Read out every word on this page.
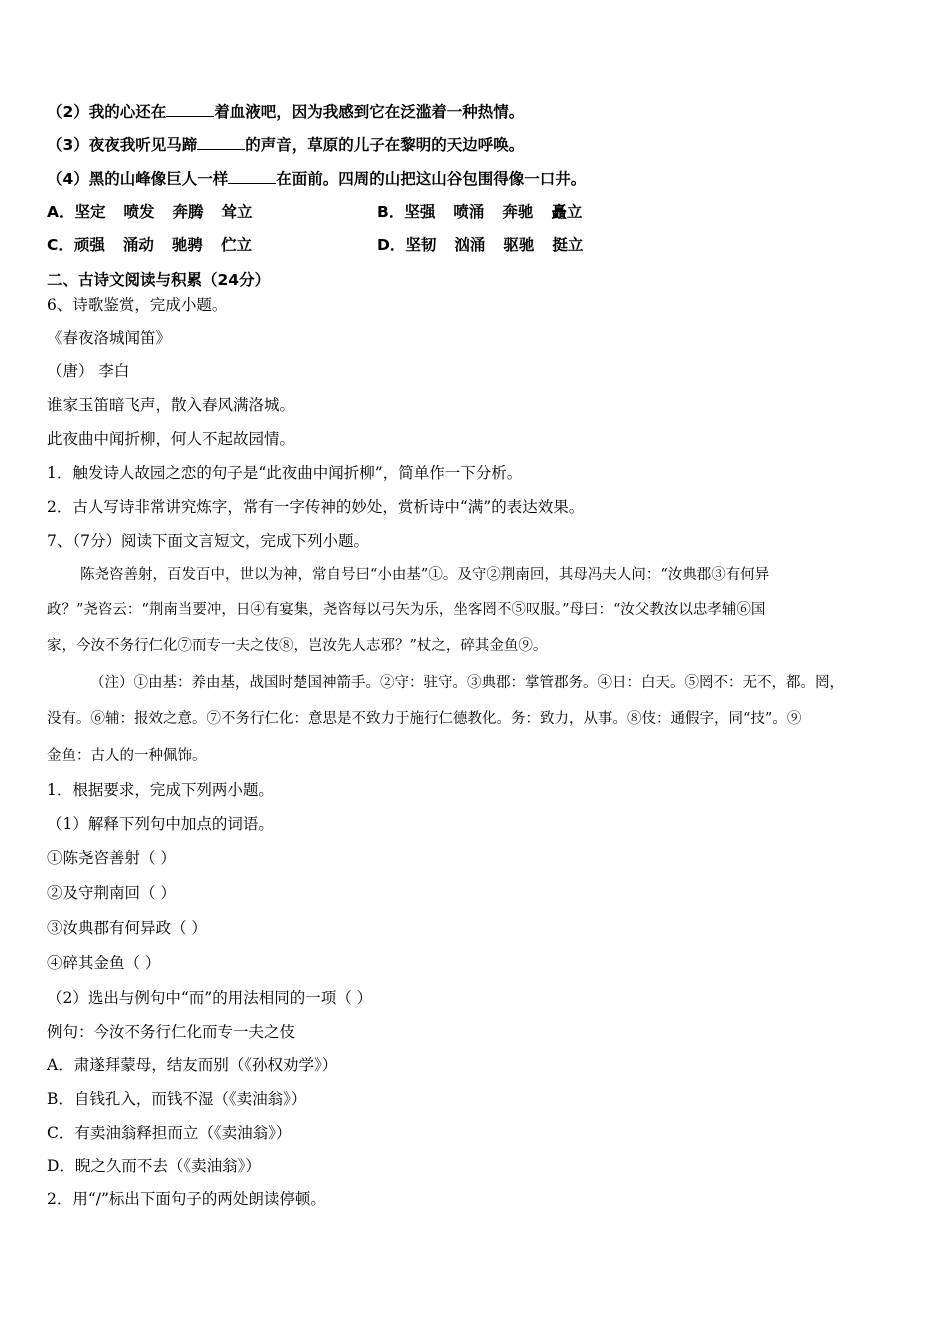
（2）我的心还在	着血液吧，因为我感到它在泛滥着一种热情。
（3）夜夜我听见马蹄	的声音，草原的儿子在黎明的天边呼唤。
（4）黑的山峰像巨人一样	在面前。四周的山把这山谷包围得像一口井。
A．坚定 喷发 奔腾 耸立	B．坚强 喷涌 奔驰 矗立
C．顽强 涌动 驰骋 伫立	D．坚韧 汹涌 驱驰 挺立
二、古诗文阅读与积累（24分）
6、诗歌鉴赏，完成小题。
《春夜洛城闻笛》
（唐） 李白
谁家玉笛暗飞声，散入春风满洛城。
此夜曲中闻折柳，何人不起故园情。
1．触发诗人故园之恋的句子是“此夜曲中闻折柳”，简单作一下分析。
2．古人写诗非常讲究炼字，常有一字传神的妙处，赏析诗中“满”的表达效果。
7、（7分）阅读下面文言短文，完成下列小题。
陈尧咨善射，百发百中，世以为神，常自号曰“小由基”①。及守②荆南回，其母冯夫人问：“汝典郡③有何异
政？”尧咨云：“荆南当要冲，日④有宴集，尧咨每以弓矢为乐，坐客罔不⑤叹服。”母曰：“汝父教汝以忠孝辅⑥国
家，今汝不务行仁化⑦而专一夫之伎⑧，岂汝先人志邪？”杖之，碎其金鱼⑨。
（注）①由基：养由基，战国时楚国神箭手。②守：驻守。③典郡：掌管郡务。④日：白天。⑤罔不：无不，都。罔，
没有。⑥辅：报效之意。⑦不务行仁化：意思是不致力于施行仁德教化。务：致力，从事。⑧伎：通假字，同“技”。⑨
金鱼：古人的一种佩饰。
1．根据要求，完成下列两小题。
（1）解释下列句中加点的词语。
①陈尧咨善射（ ）
②及守荆南回（ ）
③汝典郡有何异政（ ）
④碎其金鱼（ ）
（2）选出与例句中“而”的用法相同的一项（ ）
例句：今汝不务行仁化而专一夫之伎
A．肃遂拜蒙母，结友而别（《孙权劝学》）
B．自钱孔入，而钱不湿（《卖油翁》）
C．有卖油翁释担而立（《卖油翁》）
D．睨之久而不去（《卖油翁》）
2．用“/”标出下面句子的两处朗读停顿。
